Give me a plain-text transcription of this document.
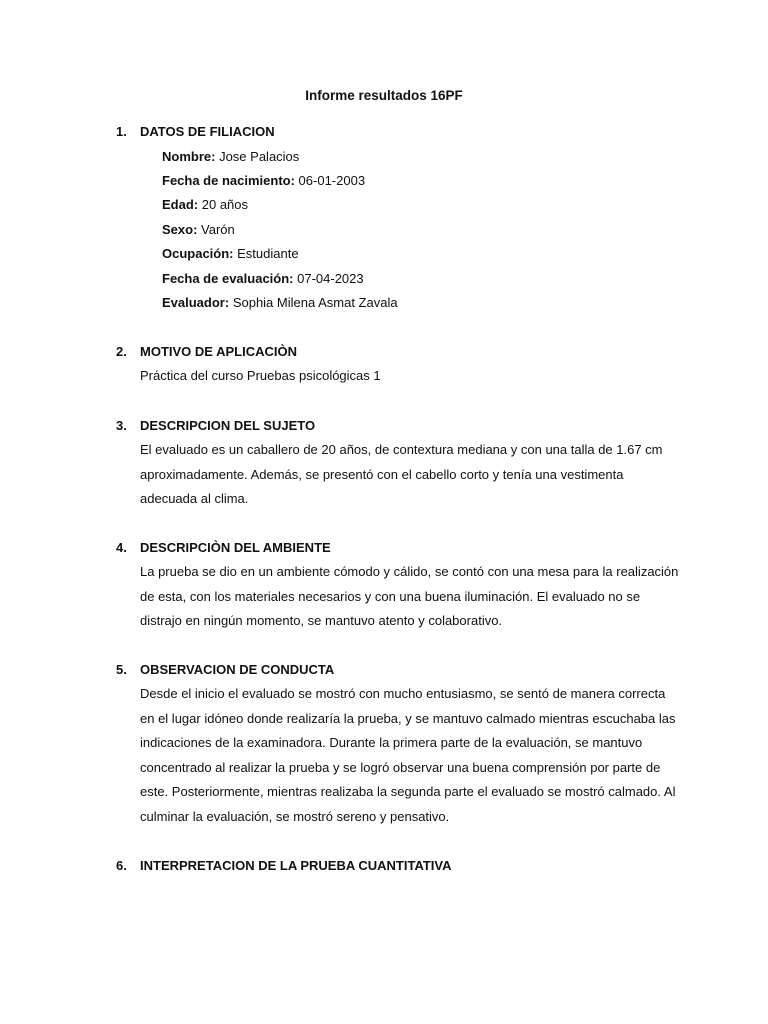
Informe resultados 16PF
1. DATOS DE FILIACION
Nombre: Jose Palacios
Fecha de nacimiento: 06-01-2003
Edad: 20 años
Sexo: Varón
Ocupación: Estudiante
Fecha de evaluación: 07-04-2023
Evaluador: Sophia Milena Asmat Zavala
2. MOTIVO DE APLICACIÒN
Práctica del curso Pruebas psicológicas 1
3. DESCRIPCION DEL SUJETO
El evaluado es un caballero de 20 años, de contextura mediana y con una talla de 1.67 cm
aproximadamente. Además, se presentó con el cabello corto y tenía una vestimenta
adecuada al clima.
4. DESCRIPCIÒN DEL AMBIENTE
La prueba se dio en un ambiente cómodo y cálido, se contó con una mesa para la realización
de esta, con los materiales necesarios y con una buena iluminación. El evaluado no se
distrajo en ningún momento, se mantuvo atento y colaborativo.
5. OBSERVACION DE CONDUCTA
Desde el inicio el evaluado se mostró con mucho entusiasmo, se sentó de manera correcta
en el lugar idóneo donde realizaría la prueba, y se mantuvo calmado mientras escuchaba las
indicaciones de la examinadora. Durante la primera parte de la evaluación, se mantuvo
concentrado al realizar la prueba y se logró observar una buena comprensión por parte de
este. Posteriormente, mientras realizaba la segunda parte el evaluado se mostró calmado. Al
culminar la evaluación, se mostró sereno y pensativo.
6. INTERPRETACION DE LA PRUEBA CUANTITATIVA
